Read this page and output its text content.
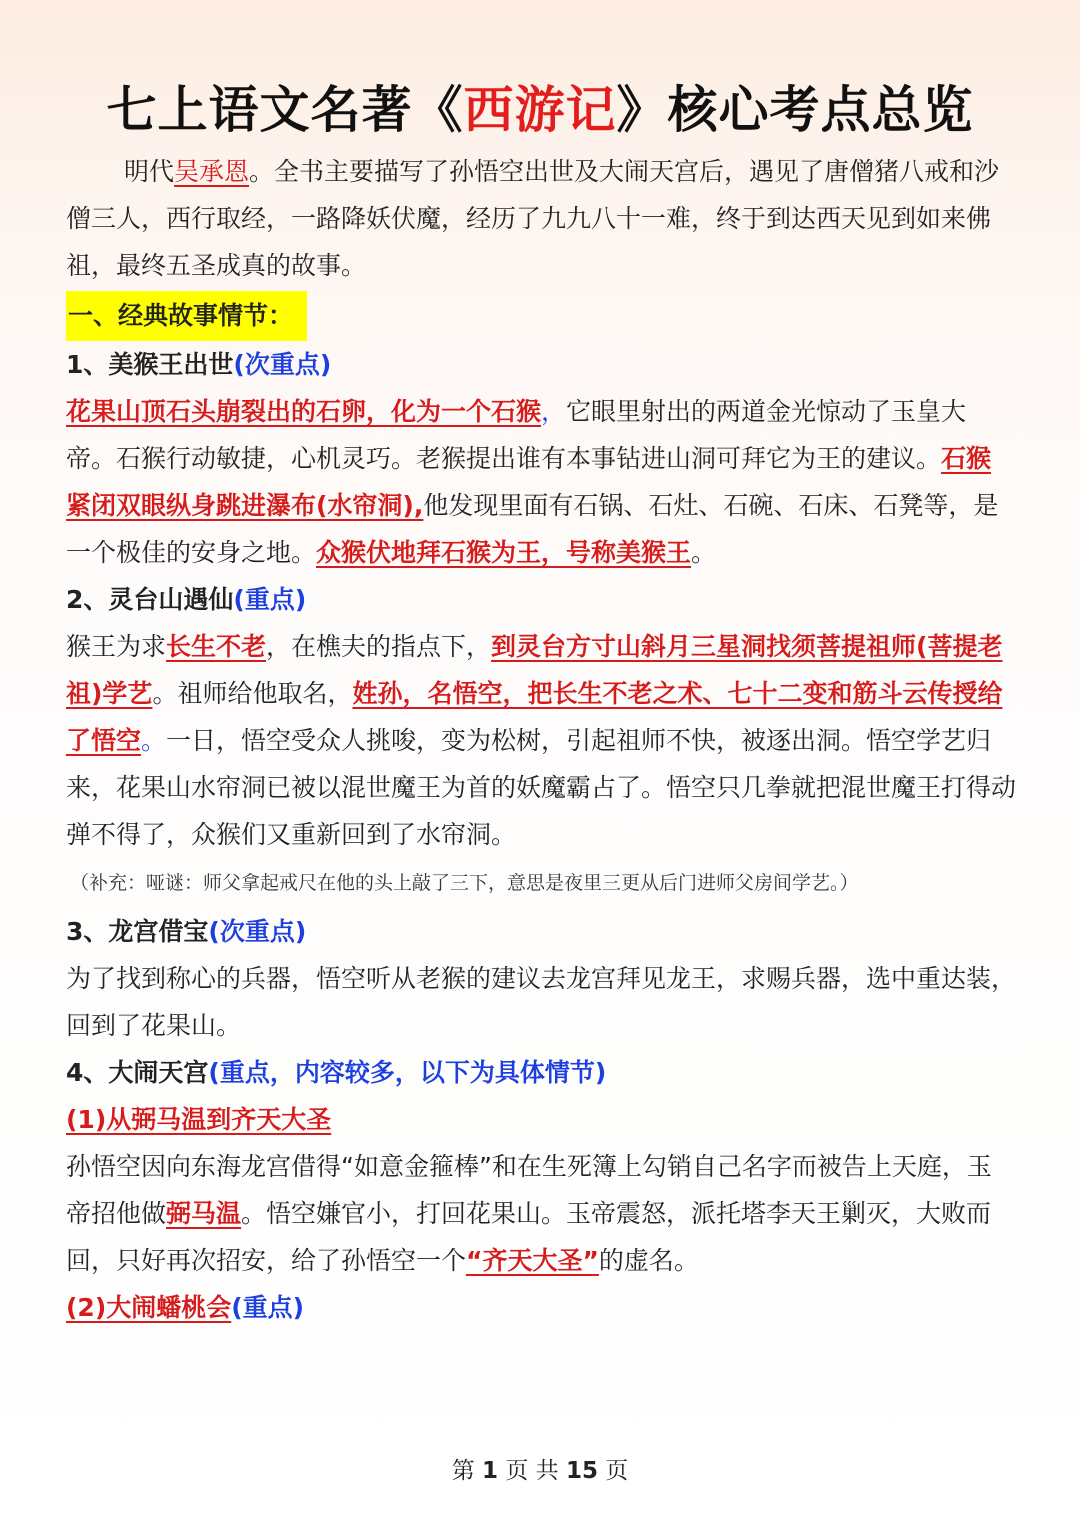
七上语文名著《西游记》核心考点总览

明代吴承恩。全书主要描写了孙悟空出世及大闹天宫后，遇见了唐僧猪八戒和沙僧三人，西行取经，一路降妖伏魔，经历了九九八十一难，终于到达西天见到如来佛祖，最终五圣成真的故事。

一、经典故事情节：

1、美猴王出世(次重点)

花果山顶石头崩裂出的石卵，化为一个石猴，它眼里射出的两道金光惊动了玉皇大帝。石猴行动敏捷，心机灵巧。老猴提出谁有本事钻进山洞可拜它为王的建议。石猴紧闭双眼纵身跳进瀑布(水帘洞),他发现里面有石锅、石灶、石碗、石床、石凳等，是一个极佳的安身之地。众猴伏地拜石猴为王，号称美猴王。

2、灵台山遇仙(重点)

猴王为求长生不老，在樵夫的指点下，到灵台方寸山斜月三星洞找须菩提祖师(菩提老祖)学艺。祖师给他取名，姓孙，名悟空，把长生不老之术、七十二变和筋斗云传授给了悟空。一日，悟空受众人挑唆，变为松树，引起祖师不快，被逐出洞。悟空学艺归来，花果山水帘洞已被以混世魔王为首的妖魔霸占了。悟空只几拳就把混世魔王打得动弹不得了，众猴们又重新回到了水帘洞。

（补充：哑谜：师父拿起戒尺在他的头上敲了三下，意思是夜里三更从后门进师父房间学艺。）

3、龙宫借宝(次重点)

为了找到称心的兵器，悟空听从老猴的建议去龙宫拜见龙王，求赐兵器，选中重达装，回到了花果山。

4、大闹天宫(重点，内容较多，以下为具体情节)

(1)从弼马温到齐天大圣

孙悟空因向东海龙宫借得“如意金箍棒”和在生死簿上勾销自己名字而被告上天庭，玉帝招他做弼马温。悟空嫌官小，打回花果山。玉帝震怒，派托塔李天王剿灭，大败而回，只好再次招安，给了孙悟空一个“齐天大圣”的虚名。

(2)大闹蟠桃会(重点)

第 1 页 共 15 页
